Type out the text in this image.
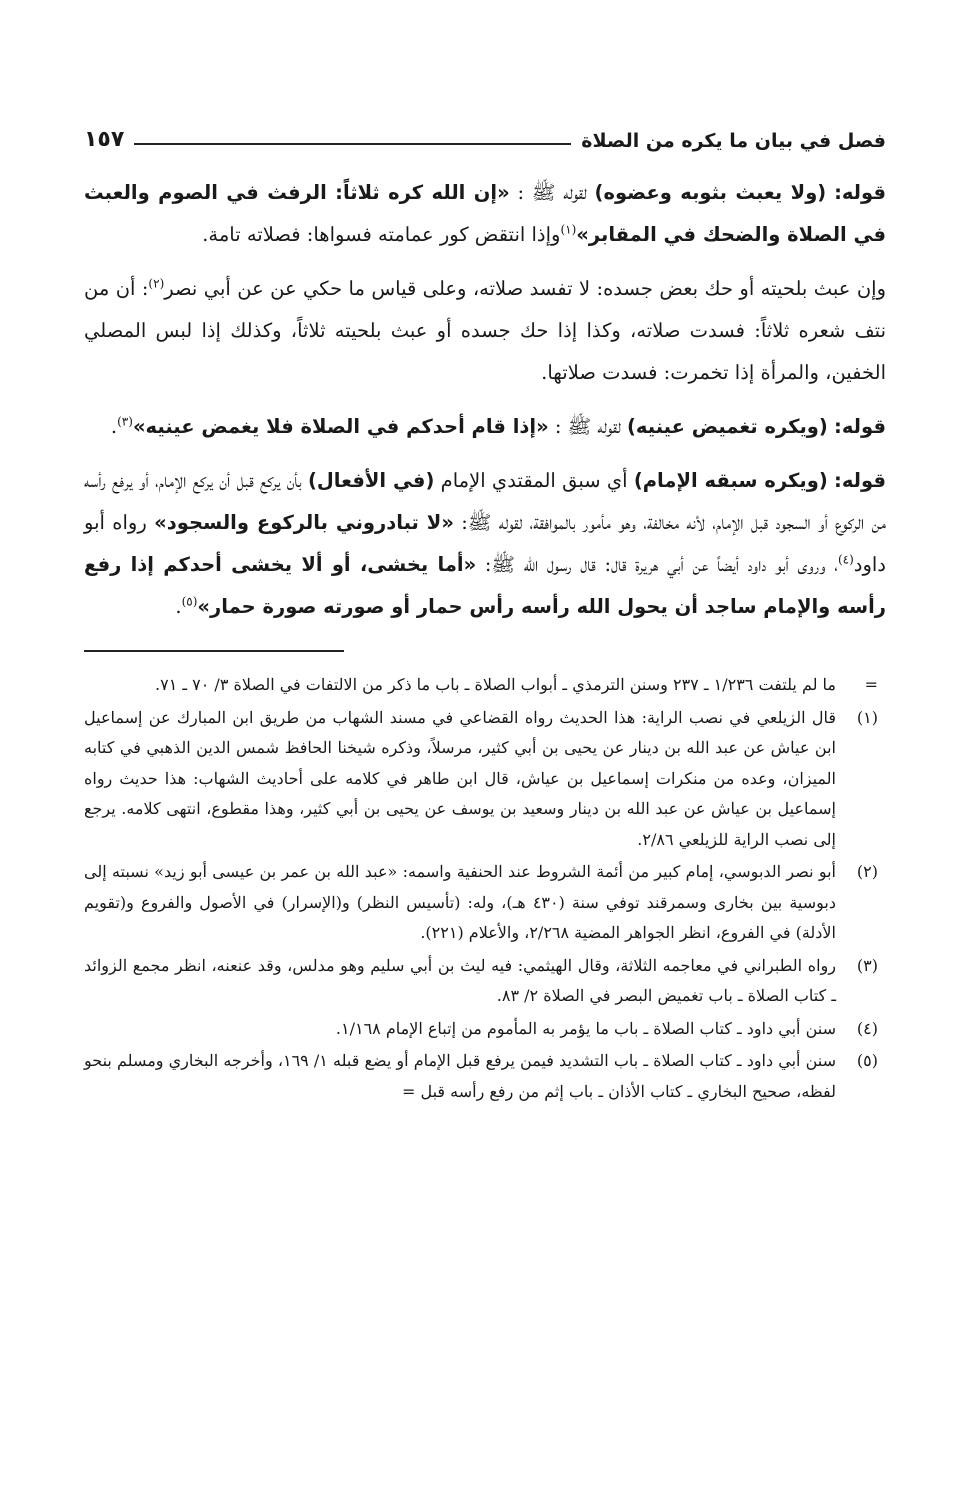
فصل في بيان ما يكره من الصلاة
١٥٧

قوله: (ولا يعبث بثوبه وعضوه) لقوله ﷺ : «إن الله كره ثلاثاً: الرفث في الصوم والعبث في الصلاة والضحك في المقابر»$^{(١)}$وإذا انتقض كور عمامته فسواها: فصلاته تامة.

وإن عبث بلحيته أو حك بعض جسده: لا تفسد صلاته، وعلى قياس ما حكي عن عن أبي نصر$^{(٢)}$: أن من نتف شعره ثلاثاً: فسدت صلاته، وكذا إذا حك جسده أو عبث بلحيته ثلاثاً، وكذلك إذا لبس المصلي الخفين، والمرأة إذا تخمرت: فسدت صلاتها.

قوله: (ويكره تغميض عينيه) لقوله ﷺ : «إذا قام أحدكم في الصلاة فلا يغمض عينيه»$^{(٣)}$.

قوله: (ويكره سبقه الإمام) أي سبق المقتدي الإمام (في الأفعال) بأن يركع قبل أن يركع الإمام، أو يرفع رأسه من الركوع أو السجود قبل الإمام، لأنه مخالفة، وهو مأمور بالموافقة، لقوله ﷺ: «لا تبادروني بالركوع والسجود» رواه أبو داود$^{(٤)}$، وروى أبو داود أيضاً عن أبي هريرة قال: قال رسول الله ﷺ: «أما يخشى، أو ألا يخشى أحدكم إذا رفع رأسه والإمام ساجد أن يحول الله رأسه رأس حمار أو صورته صورة حمار»$^{(٥)}$.

=
ما لم يلتفت ١/٢٣٦ ـ ٢٣٧ وسنن الترمذي ـ أبواب الصلاة ـ باب ما ذكر من الالتفات في الصلاة ٣/ ٧٠ ـ ٧١.
(١)
قال الزيلعي في نصب الراية: هذا الحديث رواه القضاعي في مسند الشهاب من طريق ابن المبارك عن إسماعيل ابن عياش عن عبد الله بن دينار عن يحيى بن أبي كثير، مرسلاً، وذكره شيخنا الحافظ شمس الدين الذهبي في كتابه الميزان، وعده من منكرات إسماعيل بن عياش، قال ابن طاهر في كلامه على أحاديث الشهاب: هذا حديث رواه إسماعيل بن عياش عن عبد الله بن دينار وسعيد بن يوسف عن يحيى بن أبي كثير، وهذا مقطوع، انتهى كلامه. يرجع إلى نصب الراية للزيلعي ٢/٨٦.
(٢)
أبو نصر الدبوسي، إمام كبير من أئمة الشروط عند الحنفية واسمه: «عبد الله بن عمر بن عيسى أبو زيد» نسبته إلى دبوسية بين بخارى وسمرقند توفي سنة (٤٣٠ هـ)، وله: (تأسيس النظر) و(الإسرار) في الأصول والفروع و(تقويم الأدلة) في الفروع، انظر الجواهر المضية ٢/٢٦٨، والأعلام (٢٢١).
(٣)
رواه الطبراني في معاجمه الثلاثة، وقال الهيثمي: فيه ليث بن أبي سليم وهو مدلس، وقد عنعنه، انظر مجمع الزوائد ـ كتاب الصلاة ـ باب تغميض البصر في الصلاة ٢/ ٨٣.
(٤)
سنن أبي داود ـ كتاب الصلاة ـ باب ما يؤمر به المأموم من إتباع الإمام ١/١٦٨.
(٥)
سنن أبي داود ـ كتاب الصلاة ـ باب التشديد فيمن يرفع قبل الإمام أو يضع قبله ١/ ١٦٩، وأخرجه البخاري ومسلم بنحو لفظه، صحيح البخاري ـ كتاب الأذان ـ باب إثم من رفع رأسه قبل =
